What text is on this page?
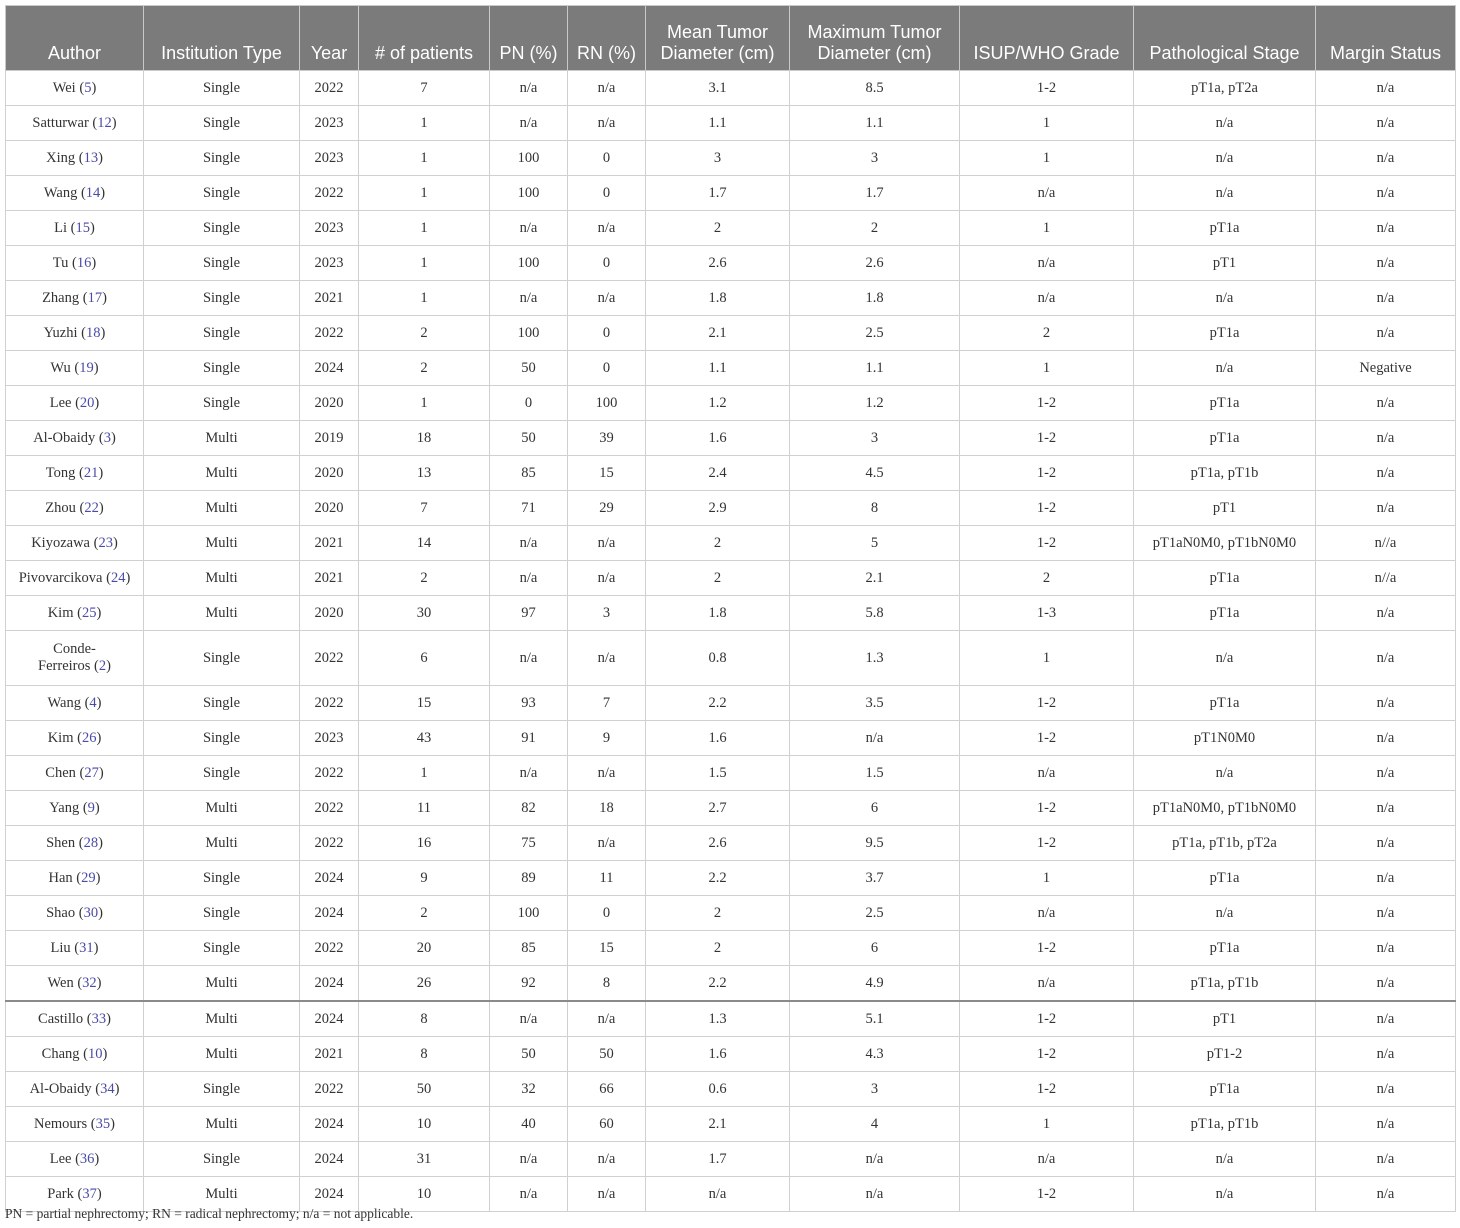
Author	Institution Type	Year	# of patients	PN (%)	RN (%)	Mean Tumor Diameter (cm)	Maximum Tumor Diameter (cm)	ISUP/WHO Grade	Pathological Stage	Margin Status
Wei (5)	Single	2022	7	n/a	n/a	3.1	8.5	1-2	pT1a, pT2a	n/a
Satturwar (12)	Single	2023	1	n/a	n/a	1.1	1.1	1	n/a	n/a
Xing (13)	Single	2023	1	100	0	3	3	1	n/a	n/a
Wang (14)	Single	2022	1	100	0	1.7	1.7	n/a	n/a	n/a
Li (15)	Single	2023	1	n/a	n/a	2	2	1	pT1a	n/a
Tu (16)	Single	2023	1	100	0	2.6	2.6	n/a	pT1	n/a
Zhang (17)	Single	2021	1	n/a	n/a	1.8	1.8	n/a	n/a	n/a
Yuzhi (18)	Single	2022	2	100	0	2.1	2.5	2	pT1a	n/a
Wu (19)	Single	2024	2	50	0	1.1	1.1	1	n/a	Negative
Lee (20)	Single	2020	1	0	100	1.2	1.2	1-2	pT1a	n/a
Al-Obaidy (3)	Multi	2019	18	50	39	1.6	3	1-2	pT1a	n/a
Tong (21)	Multi	2020	13	85	15	2.4	4.5	1-2	pT1a, pT1b	n/a
Zhou (22)	Multi	2020	7	71	29	2.9	8	1-2	pT1	n/a
Kiyozawa (23)	Multi	2021	14	n/a	n/a	2	5	1-2	pT1aN0M0, pT1bN0M0	n//a
Pivovarcikova (24)	Multi	2021	2	n/a	n/a	2	2.1	2	pT1a	n//a
Kim (25)	Multi	2020	30	97	3	1.8	5.8	1-3	pT1a	n/a
Conde-
Ferreiros (2)	Single	2022	6	n/a	n/a	0.8	1.3	1	n/a	n/a
Wang (4)	Single	2022	15	93	7	2.2	3.5	1-2	pT1a	n/a
Kim (26)	Single	2023	43	91	9	1.6	n/a	1-2	pT1N0M0	n/a
Chen (27)	Single	2022	1	n/a	n/a	1.5	1.5	n/a	n/a	n/a
Yang (9)	Multi	2022	11	82	18	2.7	6	1-2	pT1aN0M0, pT1bN0M0	n/a
Shen (28)	Multi	2022	16	75	n/a	2.6	9.5	1-2	pT1a, pT1b, pT2a	n/a
Han (29)	Single	2024	9	89	11	2.2	3.7	1	pT1a	n/a
Shao (30)	Single	2024	2	100	0	2	2.5	n/a	n/a	n/a
Liu (31)	Single	2022	20	85	15	2	6	1-2	pT1a	n/a
Wen (32)	Multi	2024	26	92	8	2.2	4.9	n/a	pT1a, pT1b	n/a
Castillo (33)	Multi	2024	8	n/a	n/a	1.3	5.1	1-2	pT1	n/a
Chang (10)	Multi	2021	8	50	50	1.6	4.3	1-2	pT1-2	n/a
Al-Obaidy (34)	Single	2022	50	32	66	0.6	3	1-2	pT1a	n/a
Nemours (35)	Multi	2024	10	40	60	2.1	4	1	pT1a, pT1b	n/a
Lee (36)	Single	2024	31	n/a	n/a	1.7	n/a	n/a	n/a	n/a
Park (37)	Multi	2024	10	n/a	n/a	n/a	n/a	1-2	n/a	n/a
PN = partial nephrectomy; RN = radical nephrectomy; n/a = not applicable.
